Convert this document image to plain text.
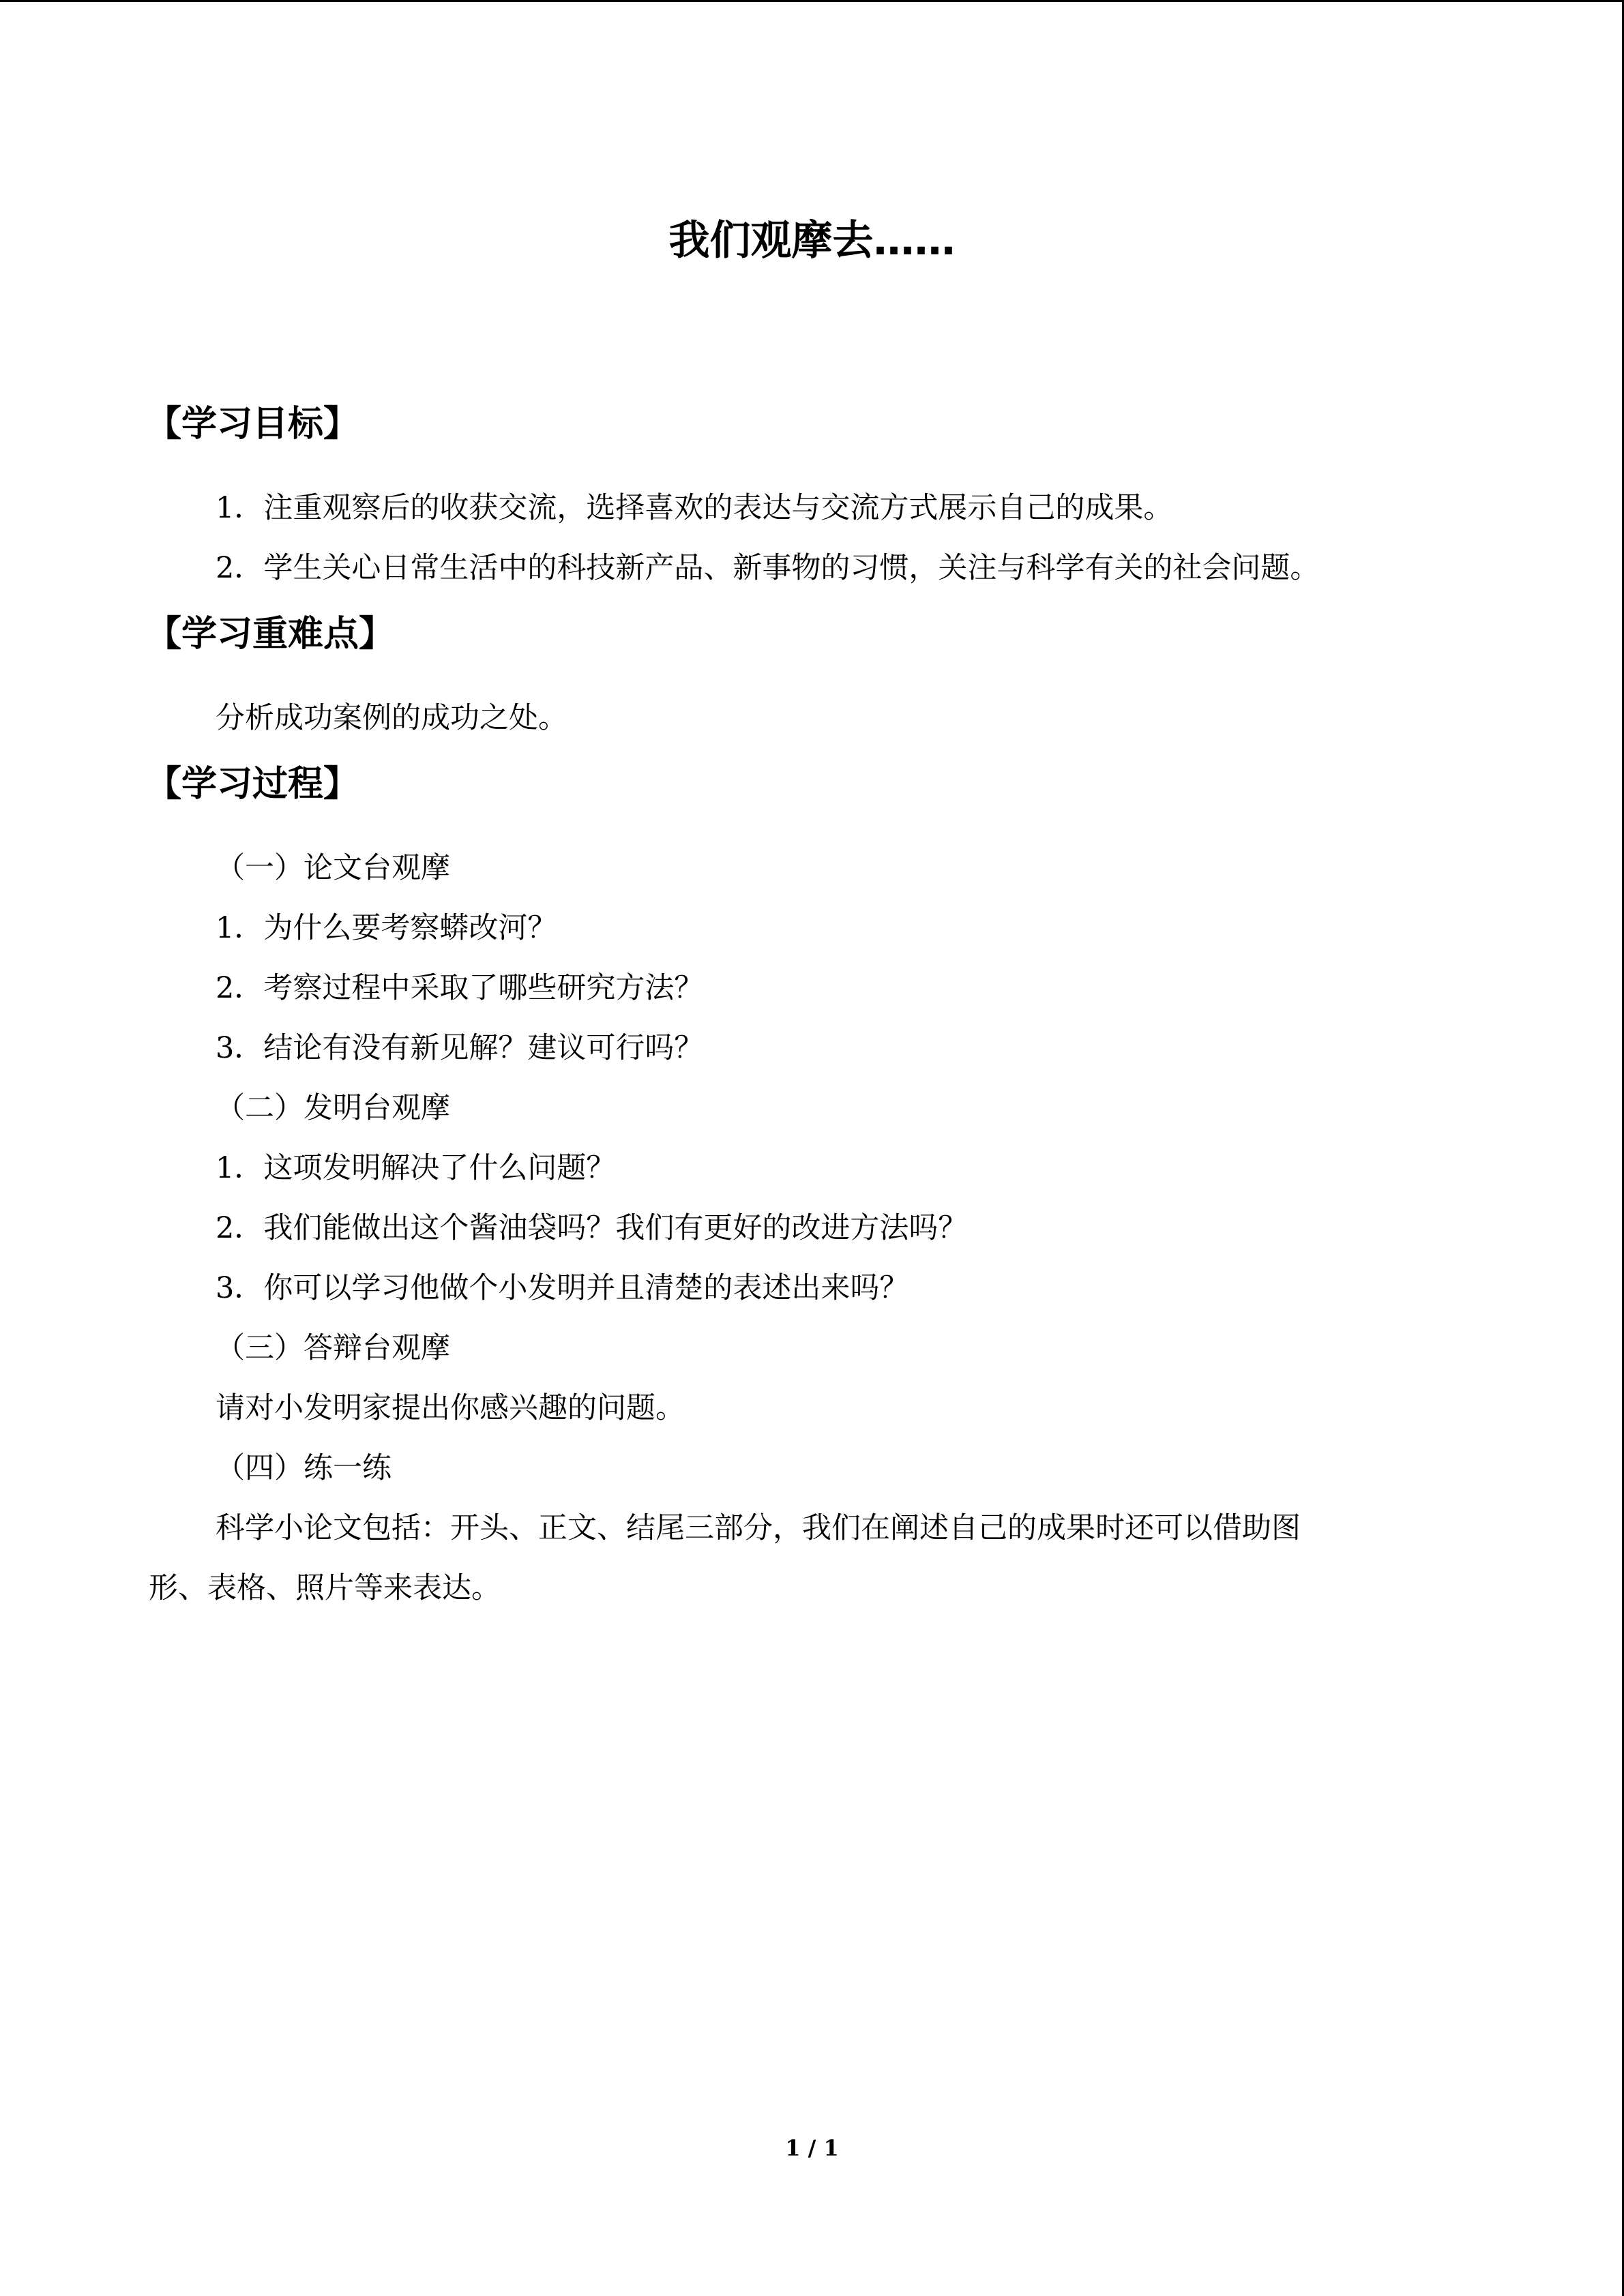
我们观摩去……
【学习目标】
1．注重观察后的收获交流，选择喜欢的表达与交流方式展示自己的成果。
2．学生关心日常生活中的科技新产品、新事物的习惯，关注与科学有关的社会问题。
【学习重难点】
分析成功案例的成功之处。
【学习过程】
（一）论文台观摩
1．为什么要考察蟒改河？
2．考察过程中采取了哪些研究方法？
3．结论有没有新见解？建议可行吗？
（二）发明台观摩
1．这项发明解决了什么问题？
2．我们能做出这个酱油袋吗？我们有更好的改进方法吗？
3．你可以学习他做个小发明并且清楚的表述出来吗？
（三）答辩台观摩
请对小发明家提出你感兴趣的问题。
（四）练一练
科学小论文包括：开头、正文、结尾三部分，我们在阐述自己的成果时还可以借助图
形、表格、照片等来表达。
1 / 1
